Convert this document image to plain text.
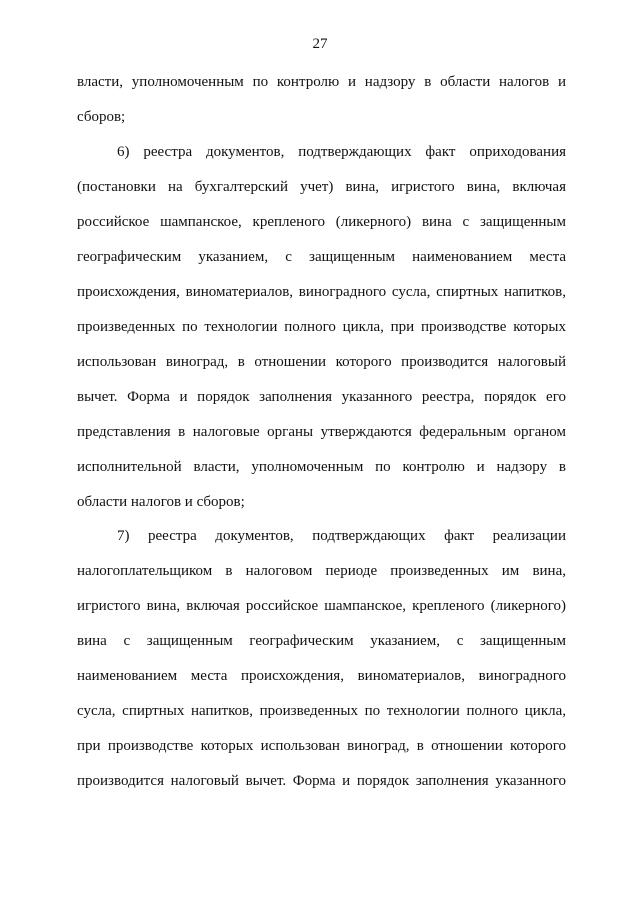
27
власти, уполномоченным по контролю и надзору в области налогов и
сборов;
6) реестра документов, подтверждающих факт оприходования
(постановки на бухгалтерский учет) вина, игристого вина, включая
российское шампанское, крепленого (ликерного) вина с защищенным
географическим указанием, с защищенным наименованием места
происхождения, виноматериалов, виноградного сусла, спиртных напитков,
произведенных по технологии полного цикла, при производстве которых
использован виноград, в отношении которого производится налоговый
вычет. Форма и порядок заполнения указанного реестра, порядок его
представления в налоговые органы утверждаются федеральным органом
исполнительной власти, уполномоченным по контролю и надзору в
области налогов и сборов;
7) реестра документов, подтверждающих факт реализации
налогоплательщиком в налоговом периоде произведенных им вина,
игристого вина, включая российское шампанское, крепленого (ликерного)
вина с защищенным географическим указанием, с защищенным
наименованием места происхождения, виноматериалов, виноградного
сусла, спиртных напитков, произведенных по технологии полного цикла,
при производстве которых использован виноград, в отношении которого
производится налоговый вычет. Форма и порядок заполнения указанного
